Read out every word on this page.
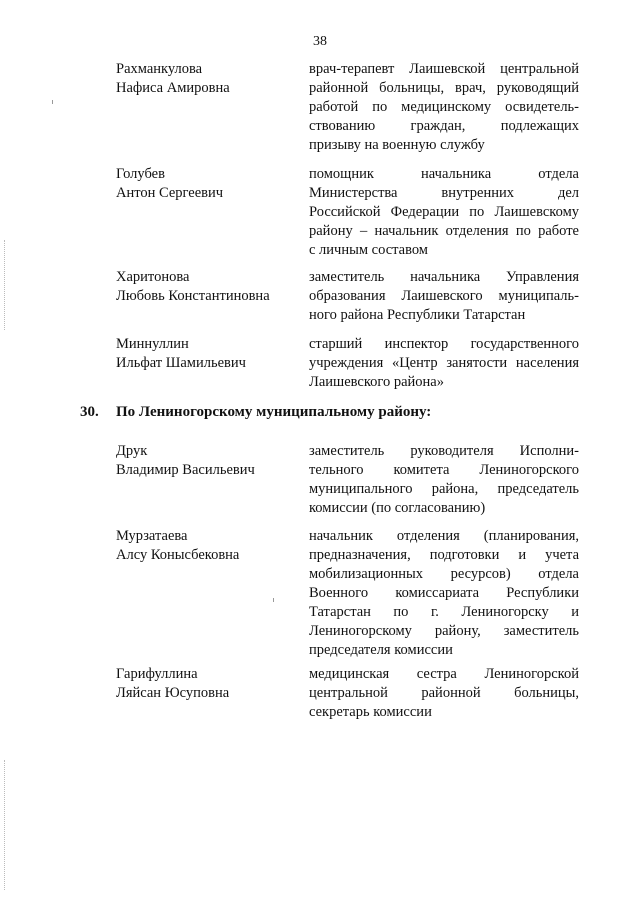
38
Рахманкулова
Нафиса Амировна
врач-терапевт Лаишевской центральной
районной больницы, врач, руководящий
работой по медицинскому освидетель-
ствованию граждан, подлежащих
призыву на военную службу
Голубев
Антон Сергеевич
помощник начальника отдела
Министерства внутренних дел
Российской Федерации по Лаишевскому
району – начальник отделения по работе
с личным составом
Харитонова
Любовь Константиновна
заместитель начальника Управления
образования Лаишевского муниципаль-
ного района Республики Татарстан
Миннуллин
Ильфат Шамильевич
старший инспектор государственного
учреждения «Центр занятости населения
Лаишевского района»
30. По Лениногорскому муниципальному району:
Друк
Владимир Васильевич
заместитель руководителя Исполни-
тельного комитета Лениногорского
муниципального района, председатель
комиссии (по согласованию)
Мурзатаева
Алсу Конысбековна
начальник отделения (планирования,
предназначения, подготовки и учета
мобилизационных ресурсов) отдела
Военного комиссариата Республики
Татарстан по г. Лениногорску и
Лениногорскому району, заместитель
председателя комиссии
Гарифуллина
Ляйсан Юсуповна
медицинская сестра Лениногорской
центральной районной больницы,
секретарь комиссии
